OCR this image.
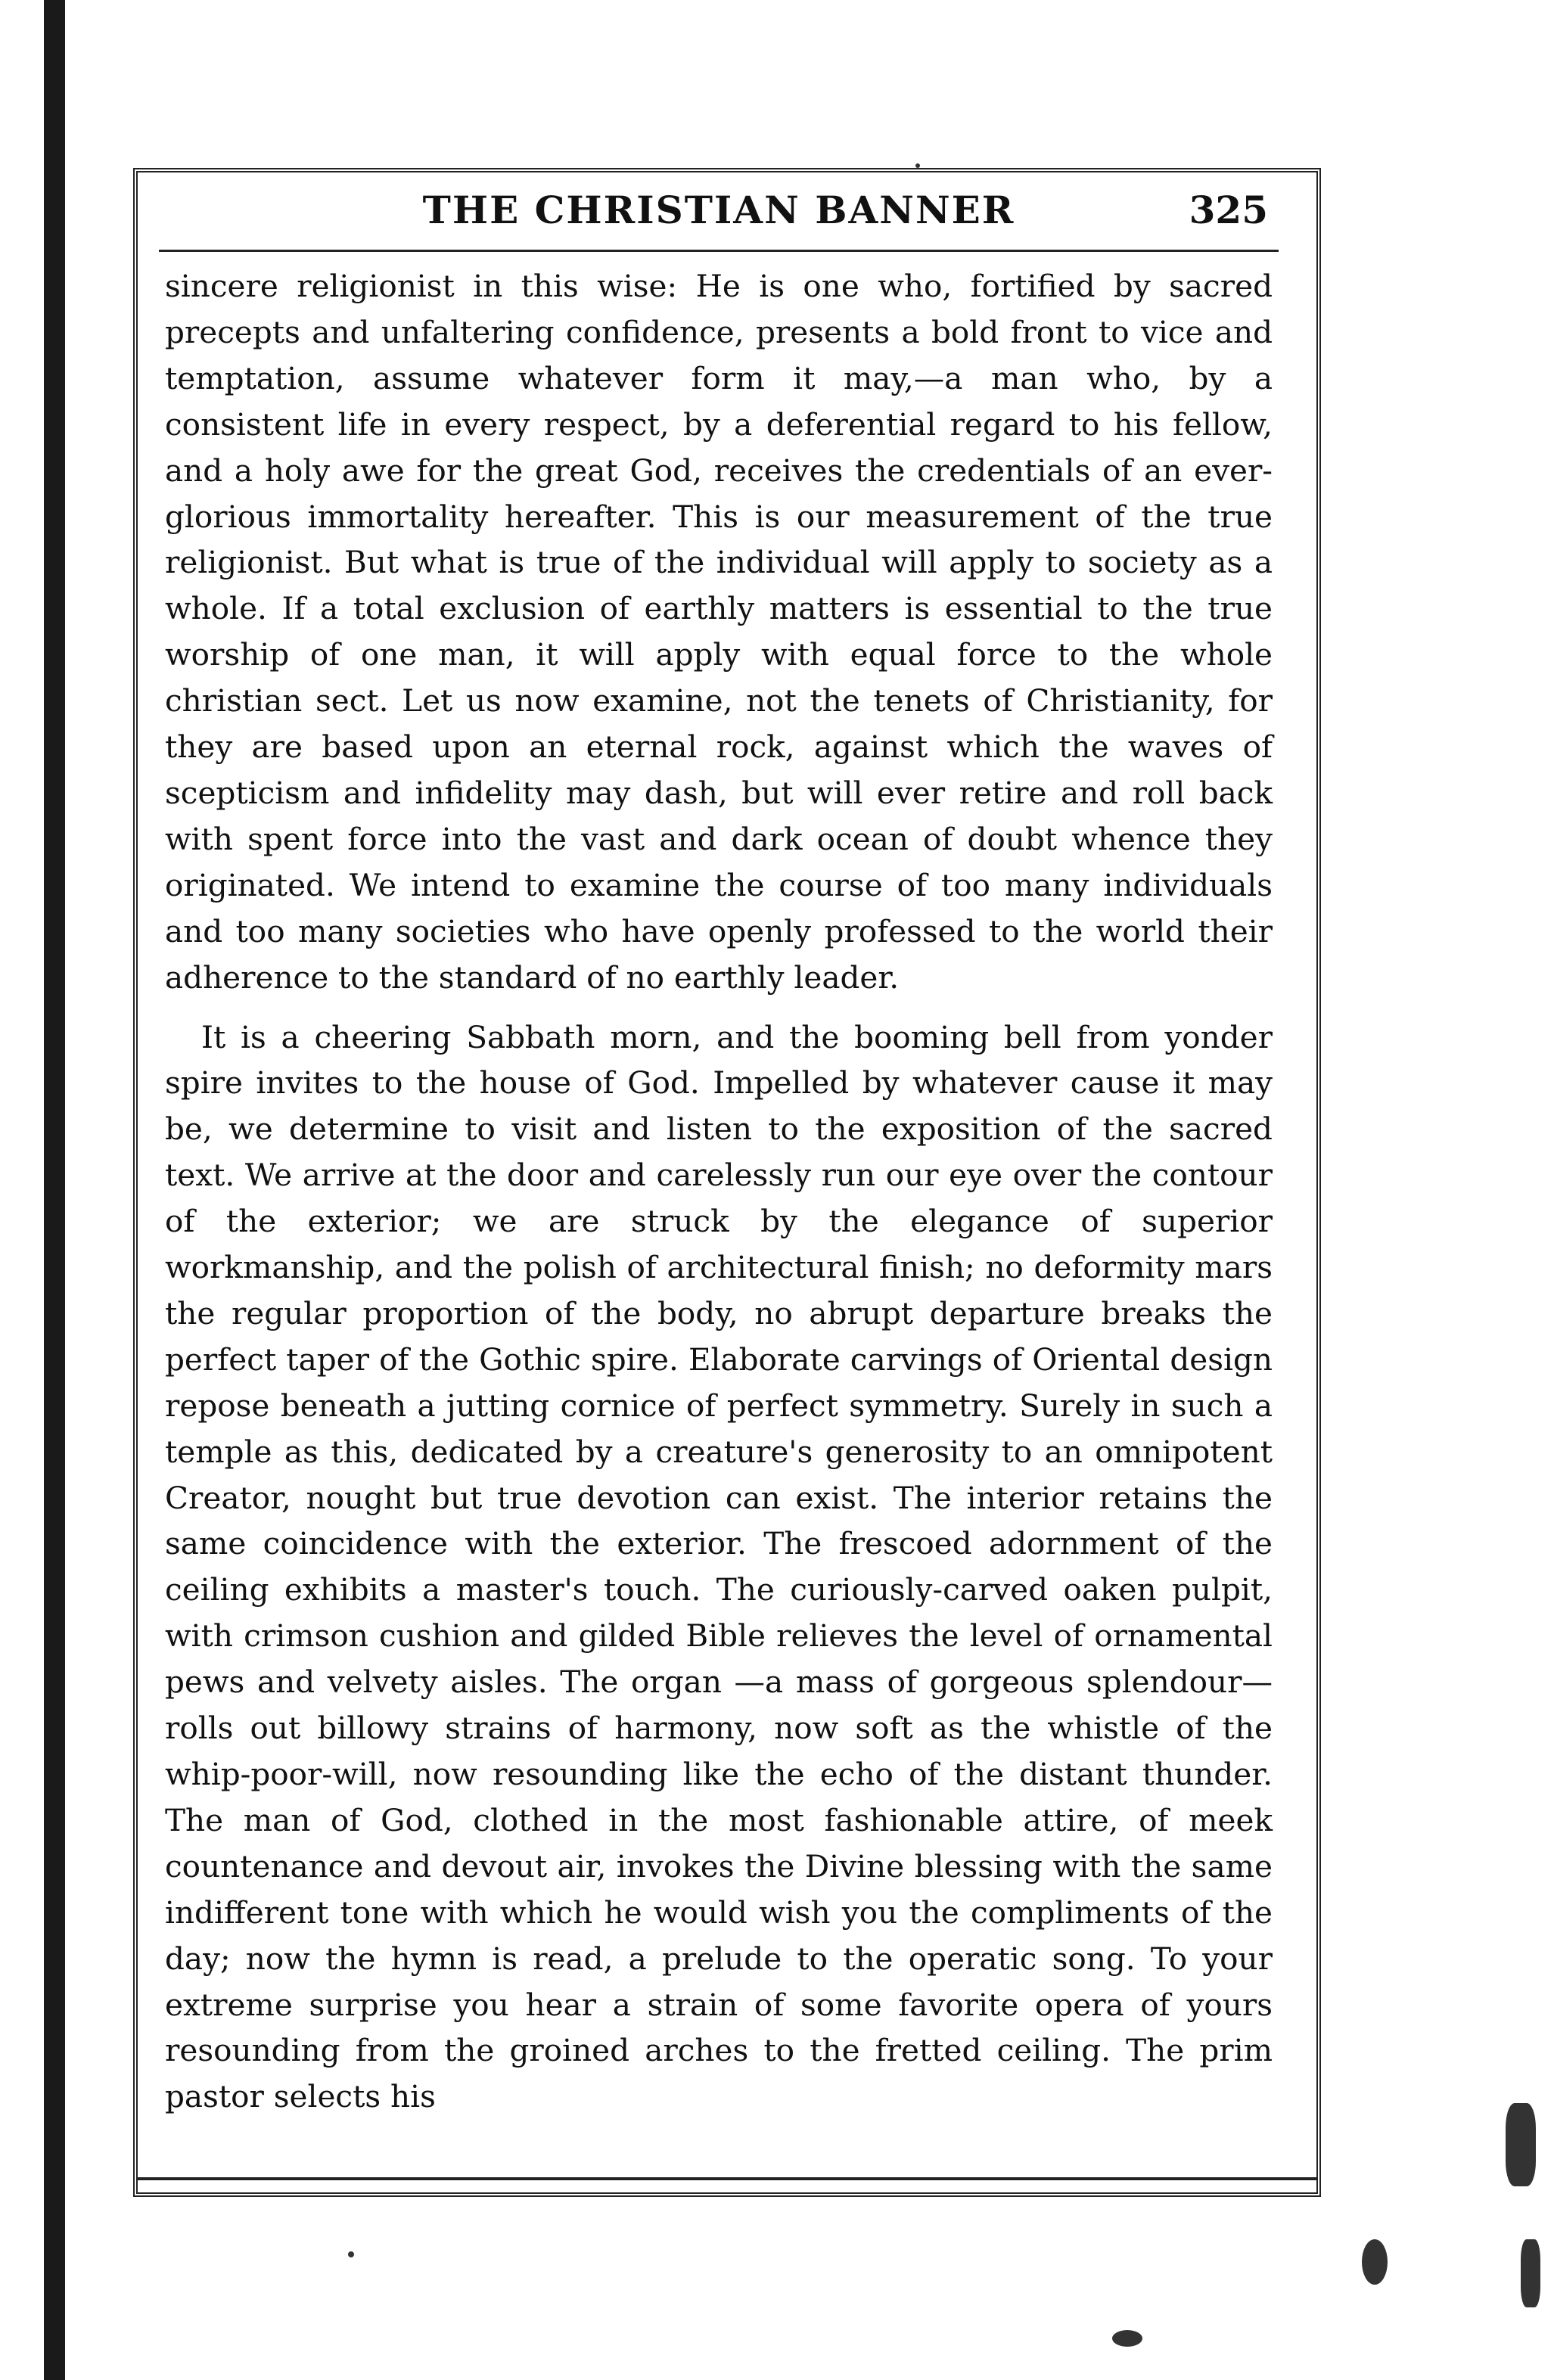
THE CHRISTIAN BANNER	325

sincere religionist in this wise: He is one who, fortified by sacred precepts and unfaltering confidence, presents a bold front to vice and temptation, assume whatever form it may,—a man who, by a consistent life in every respect, by a deferential regard to his fellow, and a holy awe for the great God, receives the credentials of an ever-glorious immortality hereafter. This is our measurement of the true religionist. But what is true of the individual will apply to society as a whole. If a total exclusion of earthly matters is essential to the true worship of one man, it will apply with equal force to the whole christian sect. Let us now examine, not the tenets of Christianity, for they are based upon an eternal rock, against which the waves of scepticism and infidelity may dash, but will ever retire and roll back with spent force into the vast and dark ocean of doubt whence they originated. We intend to examine the course of too many individuals and too many societies who have openly professed to the world their adherence to the standard of no earthly leader.

It is a cheering Sabbath morn, and the booming bell from yonder spire invites to the house of God. Impelled by whatever cause it may be, we determine to visit and listen to the exposition of the sacred text. We arrive at the door and carelessly run our eye over the contour of the exterior; we are struck by the elegance of superior workmanship, and the polish of architectural finish; no deformity mars the regular proportion of the body, no abrupt departure breaks the perfect taper of the Gothic spire. Elaborate carvings of Oriental design repose beneath a jutting cornice of perfect symmetry. Surely in such a temple as this, dedicated by a creature's generosity to an omnipotent Creator, nought but true devotion can exist. The interior retains the same coincidence with the exterior. The frescoed adornment of the ceiling exhibits a master's touch. The curiously-carved oaken pulpit, with crimson cushion and gilded Bible relieves the level of ornamental pews and velvety aisles. The organ —a mass of gorgeous splendour—rolls out billowy strains of harmony, now soft as the whistle of the whip-poor-will, now resounding like the echo of the distant thunder. The man of God, clothed in the most fashionable attire, of meek countenance and devout air, invokes the Divine blessing with the same indifferent tone with which he would wish you the compliments of the day; now the hymn is read, a prelude to the operatic song. To your extreme surprise you hear a strain of some favorite opera of yours resounding from the groined arches to the fretted ceiling. The prim pastor selects his
